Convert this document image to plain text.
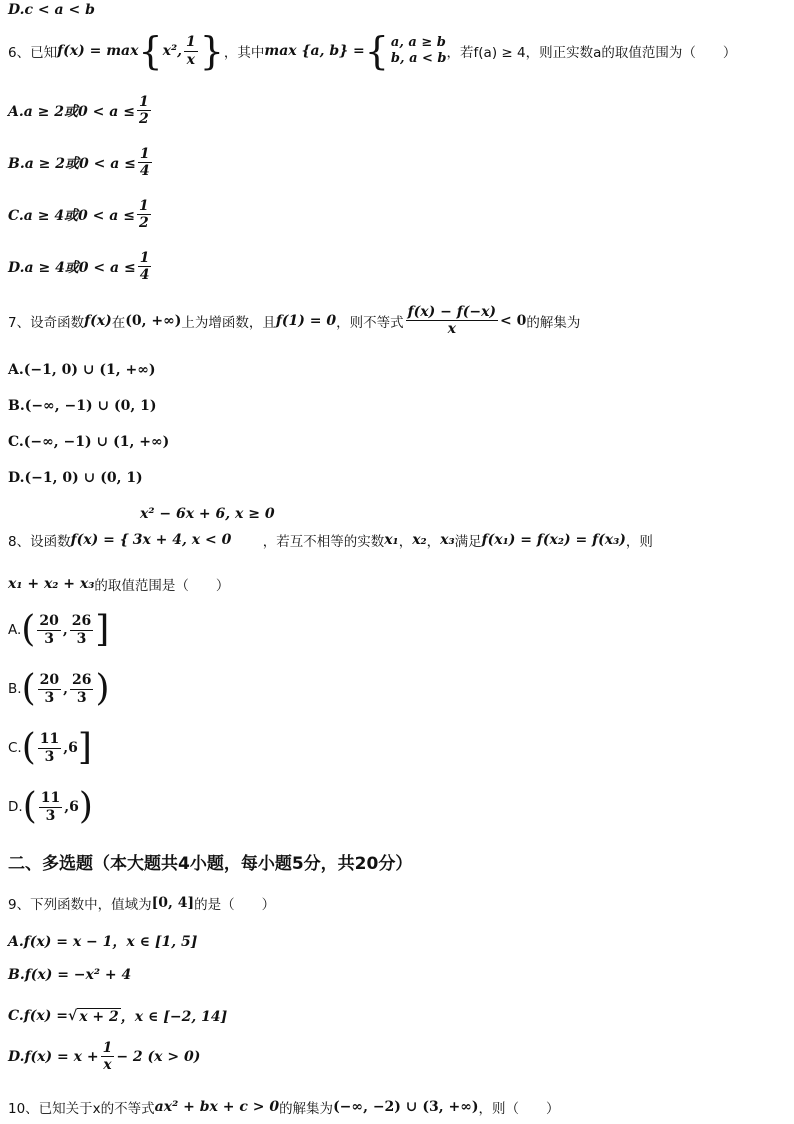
D.c < a < b
6、已知 f(x) = max { x², $\frac{1}{x}$ } ，其中 max {a, b} = { a, a ≥ b
b, a < b ，若f(a) ≥ 4，则正实数a的取值范围为（　　）
A.a ≥ 2或$0 < a \le \frac{1}{2}$
B.a ≥ 2或$0 < a \le \frac{1}{4}$
C.a ≥ 4或$0 < a \le \frac{1}{2}$
D.a ≥ 4或$0 < a \le \frac{1}{4}$
7、设奇函数 f(x) 在 (0, +∞) 上为增函数，且 f(1) = 0 ，则不等式 $\frac{f(x) - f(-x)}{x} < 0$ 的解集为
A.(−1, 0) ∪ (1, +∞)
B.(−∞, −1) ∪ (0, 1)
C.(−∞, −1) ∪ (1, +∞)
D.(−1, 0) ∪ (0, 1)
x² − 6x + 6, x ≥ 0
8、设函数 f(x) = { 3x + 4, x < 0	，若互不相等的实数 x₁ ， x₂ ， x₃ 满足 f(x₁) = f(x₂) = f(x₃) ，则
x₁ + x₂ + x₃ 的取值范围是（　　）
A. ( $\frac{20}{3}$ , $\frac{26}{3}$ ]
B. ( $\frac{20}{3}$ , $\frac{26}{3}$ )
C. ( $\frac{11}{3}$ , 6 ]
D. ( $\frac{11}{3}$ , 6 )
二、多选题（本大题共4小题，每小题5分，共20分）
9、下列函数中，值域为 [0, 4] 的是（　　）
A.f(x) = x − 1，x ∈ [1, 5]
B.f(x) = −x² + 4
C.f(x) = √ x + 2 ，x ∈ [−2, 14]
$D.f(x) = x + \frac{1}{x} - 2$ (x > 0)
10、已知关于x的不等式 ax² + bx + c > 0 的解集为 (−∞, −2) ∪ (3, +∞) ，则（　　）
